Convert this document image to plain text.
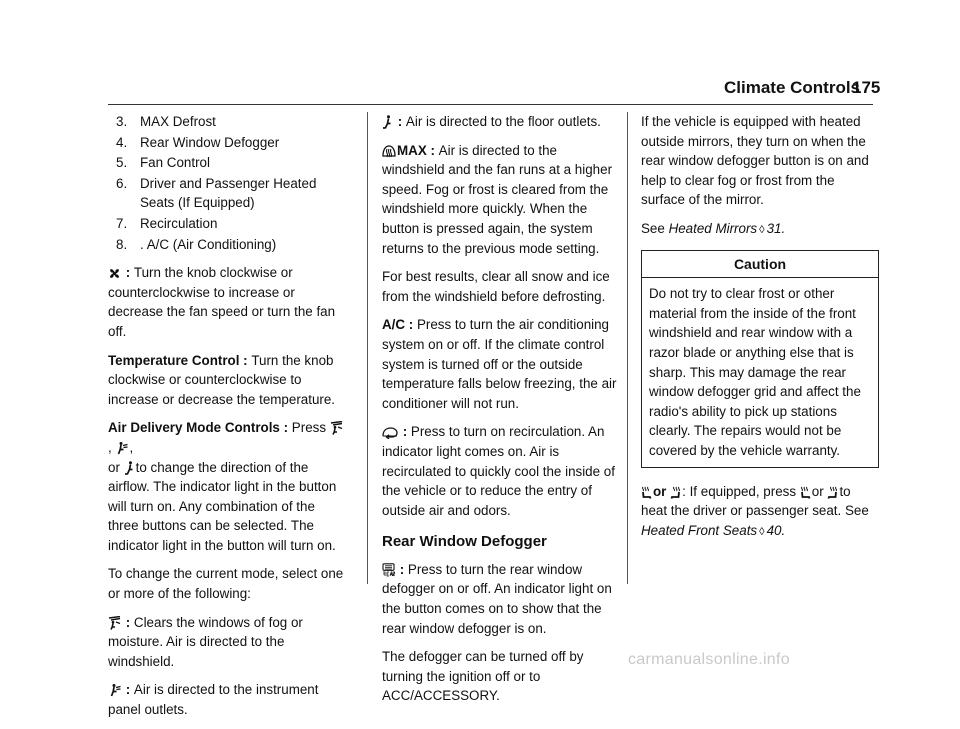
Climate Controls
175
3. MAX Defrost
4. Rear Window Defogger
5. Fan Control
6. Driver and Passenger Heated Seats (If Equipped)
7. Recirculation
8. . A/C (Air Conditioning)

: Turn the knob clockwise or counterclockwise to increase or decrease the fan speed or turn the fan off.

Temperature Control : Turn the knob clockwise or counterclockwise to increase or decrease the temperature.

Air Delivery Mode Controls : Press
, ,

or to change the direction of the airflow. The indicator light in the button will turn on. Any combination of the three buttons can be selected. The indicator light in the button will turn on.

To change the current mode, select one or more of the following:

: Clears the windows of fog or moisture. Air is directed to the windshield.

: Air is directed to the instrument panel outlets.

: Air is directed to the floor outlets.

MAX : Air is directed to the windshield and the fan runs at a higher speed. Fog or frost is cleared from the windshield more quickly. When the button is pressed again, the system returns to the previous mode setting.

For best results, clear all snow and ice from the windshield before defrosting.

A/C : Press to turn the air conditioning system on or off. If the climate control system is turned off or the outside temperature falls below freezing, the air conditioner will not run.

: Press to turn on recirculation. An indicator light comes on. Air is recirculated to quickly cool the inside of the vehicle or to reduce the entry of outside air and odors.

Rear Window Defogger

: Press to turn the rear window defogger on or off. An indicator light on the button comes on to show that the rear window defogger is on.

The defogger can be turned off by turning the ignition off or to ACC/ACCESSORY.

If the vehicle is equipped with heated outside mirrors, they turn on when the rear window defogger button is on and help to clear fog or frost from the surface of the mirror.

See Heated Mirrors ◊ 31.

Caution
Do not try to clear frost or other material from the inside of the front windshield and rear window with a razor blade or anything else that is sharp. This may damage the rear window defogger grid and affect the radio's ability to pick up stations clearly. The repairs would not be covered by the vehicle warranty.

or : If equipped, press or to heat the driver or passenger seat. See Heated Front Seats ◊ 40.

carmanualsonline.info
